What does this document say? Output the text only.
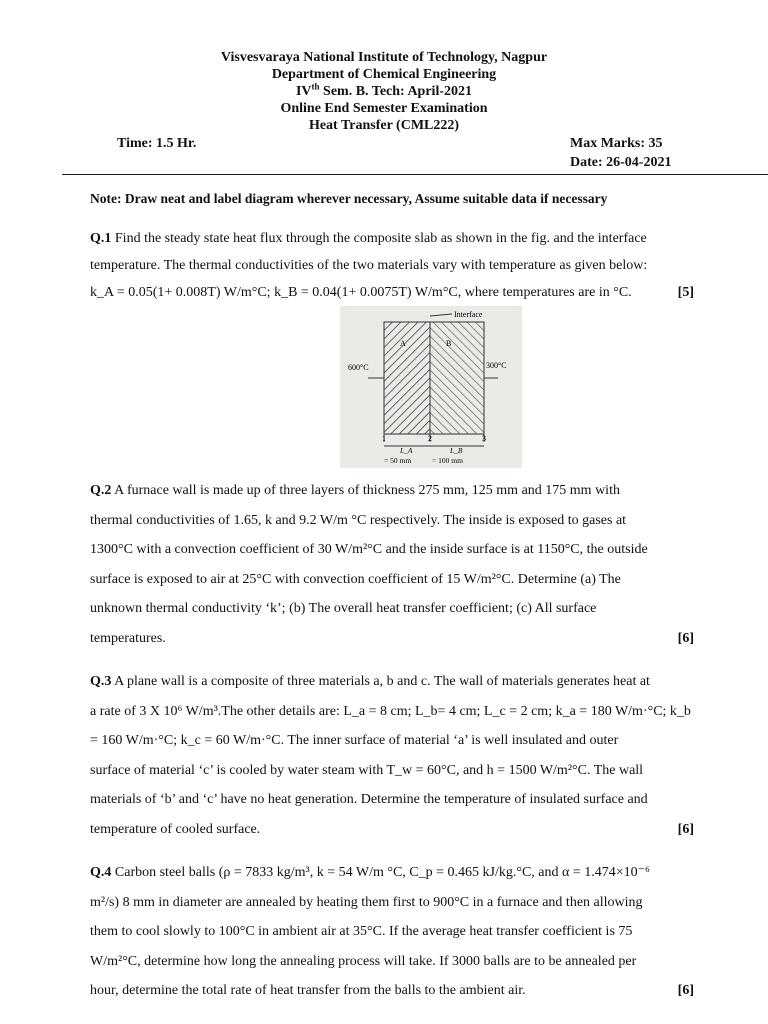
Visvesvaraya National Institute of Technology, Nagpur
Department of Chemical Engineering
IVth Sem. B. Tech: April-2021
Online End Semester Examination
Heat Transfer (CML222)
Time: 1.5 Hr.	Max Marks: 35
Date: 26-04-2021
Note: Draw neat and label diagram wherever necessary, Assume suitable data if necessary
Q.1 Find the steady state heat flux through the composite slab as shown in the fig. and the interface
temperature. The thermal conductivities of the two materials vary with temperature as given below:
k_A = 0.05(1+ 0.008T) W/m°C; k_B = 0.04(1+ 0.0075T) W/m°C, where temperatures are in °C.	[5]
Interface
A	B
600°C	300°C
1	2	3
L_A	L_B
= 50 mm	= 100 mm
Q.2 A furnace wall is made up of three layers of thickness 275 mm, 125 mm and 175 mm with
thermal conductivities of 1.65, k and 9.2 W/m °C respectively. The inside is exposed to gases at
1300°C with a convection coefficient of 30 W/m²°C and the inside surface is at 1150°C, the outside
surface is exposed to air at 25°C with convection coefficient of 15 W/m²°C. Determine (a) The
unknown thermal conductivity ‘k’; (b) The overall heat transfer coefficient; (c) All surface
temperatures.	[6]
Q.3 A plane wall is a composite of three materials a, b and c. The wall of materials generates heat at
a rate of 3 X 10⁶ W/m³.The other details are: L_a = 8 cm; L_b= 4 cm; L_c = 2 cm; k_a = 180 W/m·°C; k_b
= 160 W/m·°C; k_c = 60 W/m·°C. The inner surface of material ‘a’ is well insulated and outer
surface of material ‘c’ is cooled by water steam with T_w = 60°C, and h = 1500 W/m²°C. The wall
materials of ‘b’ and ‘c’ have no heat generation. Determine the temperature of insulated surface and
temperature of cooled surface.	[6]
Q.4 Carbon steel balls (ρ = 7833 kg/m³, k = 54 W/m °C, C_p = 0.465 kJ/kg.°C, and α = 1.474×10⁻⁶
m²/s) 8 mm in diameter are annealed by heating them first to 900°C in a furnace and then allowing
them to cool slowly to 100°C in ambient air at 35°C. If the average heat transfer coefficient is 75
W/m²°C, determine how long the annealing process will take. If 3000 balls are to be annealed per
hour, determine the total rate of heat transfer from the balls to the ambient air.	[6]
